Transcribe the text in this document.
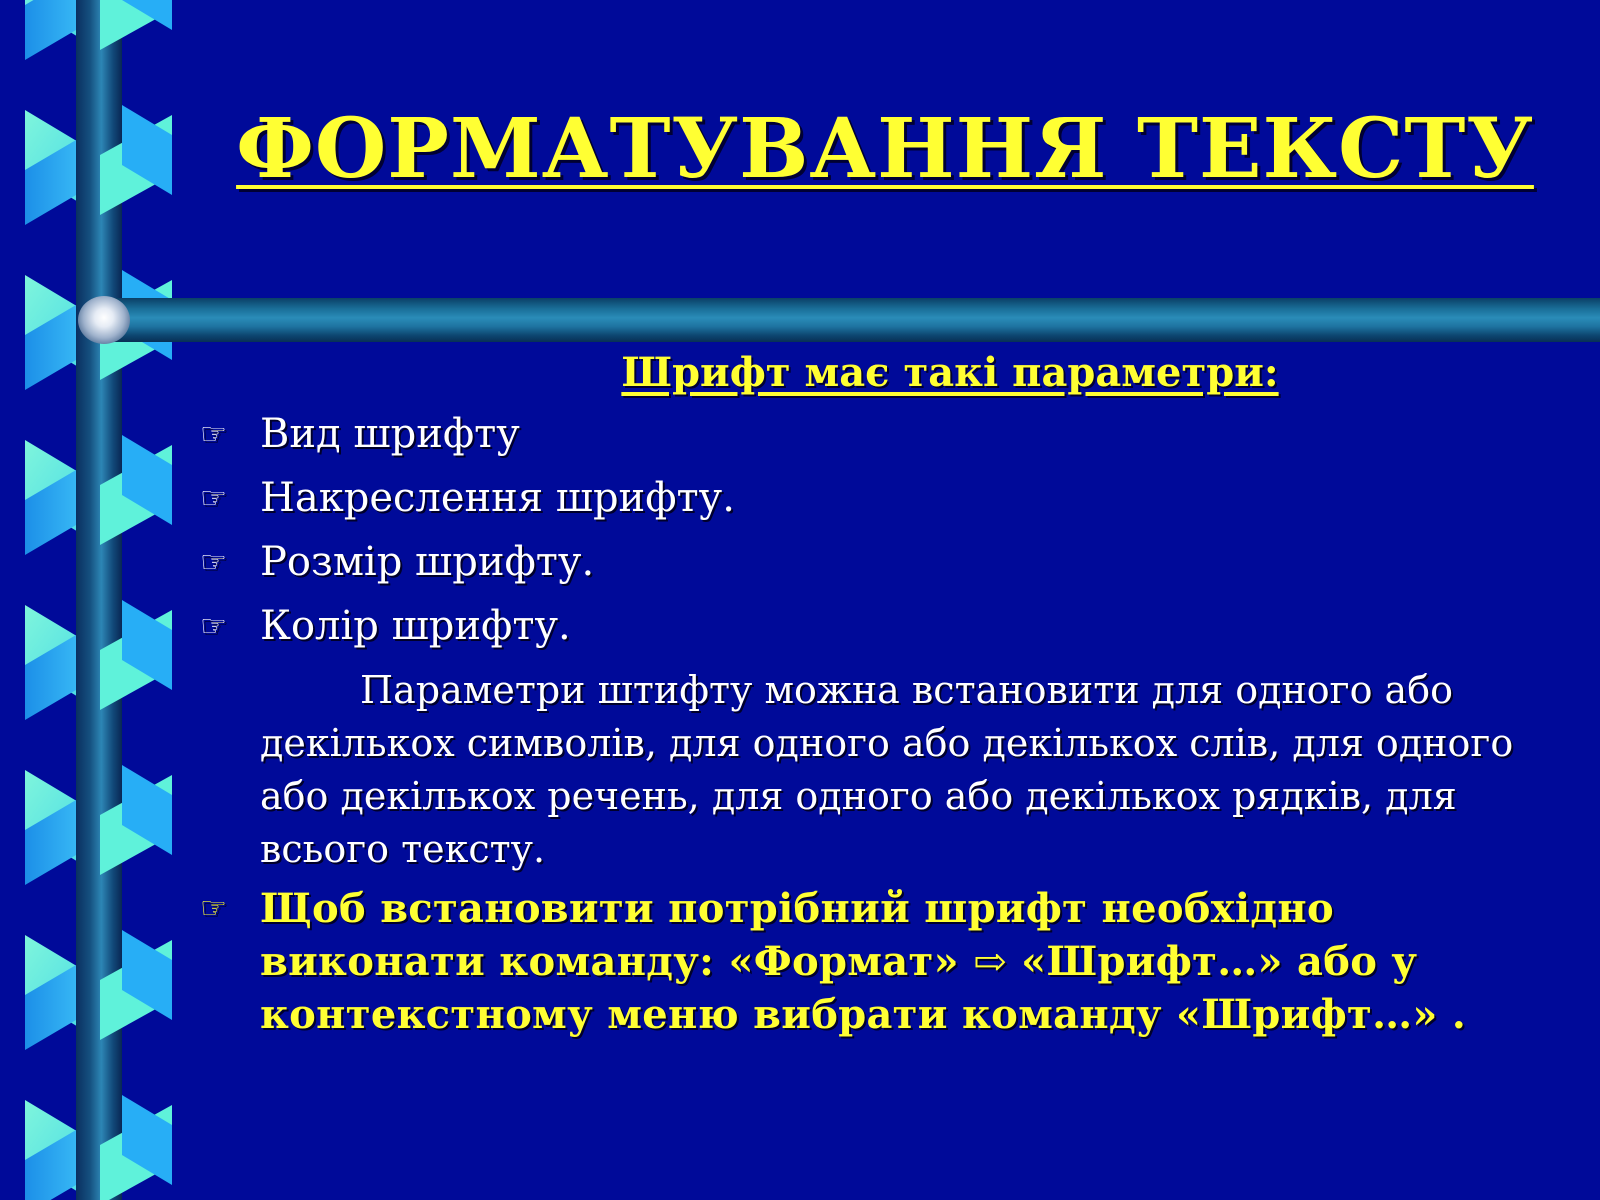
ФОРМАТУВАННЯ ТЕКСТУ
Шрифт має такі параметри:
☞ Вид шрифту
☞ Накреслення шрифту.
☞ Розмір шрифту.
☞ Колір шрифту.
Параметри штифту можна встановити для одного або декількох символів, для одного або декількох слів, для одного або декількох речень, для одного або декількох рядків, для всього тексту.
☞ Щоб встановити потрібний шрифт необхідно виконати команду: «Формат» ⇨ «Шрифт…» або у контекстному меню вибрати команду «Шрифт…» .
